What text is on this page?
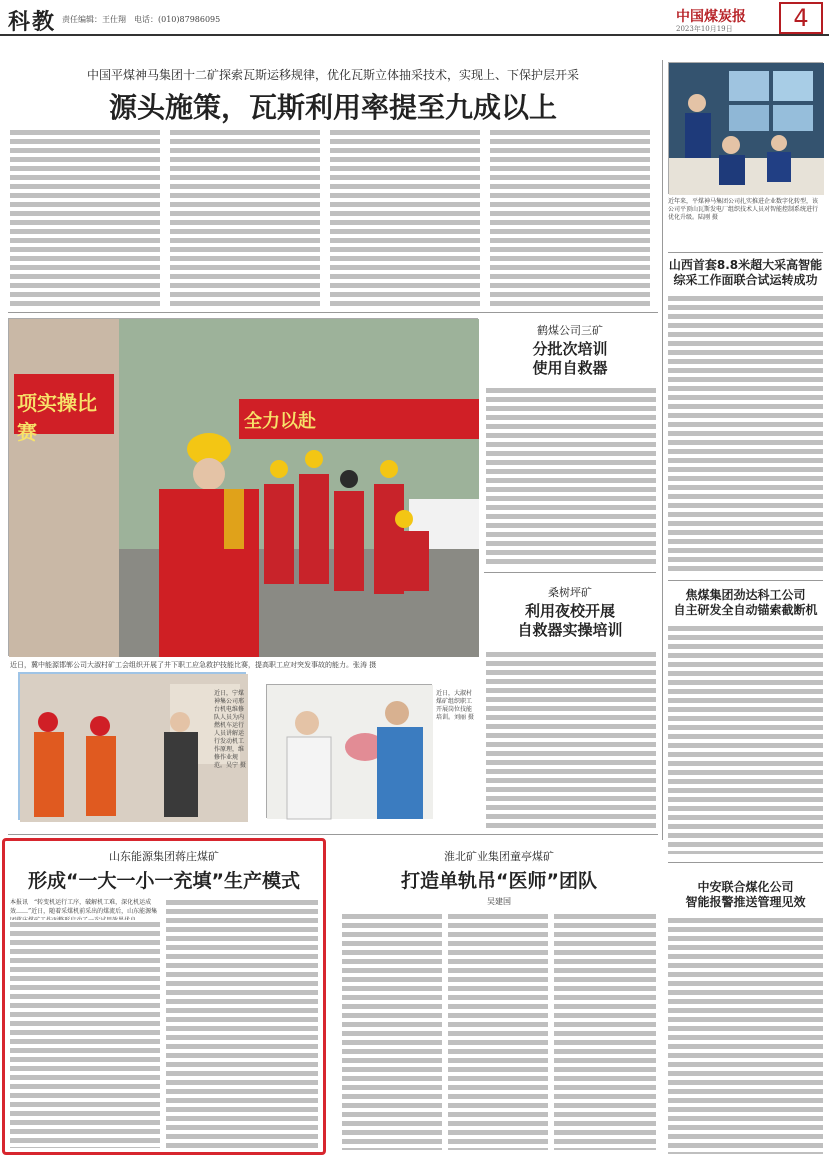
科教 责任编辑：王仕翔　电话：(010)87986095	中国煤炭报
2023年10月19日	4
中国平煤神马集团十二矿探索瓦斯运移规律，优化瓦斯立体抽采技术，实现上、下保护层开采
源头施策，瓦斯利用率提至九成以上
近年来，平煤神马集团公司扎实推进企业数字化转型，该公司平顶山瓦斯发电厂组织技术人员对智能控制系统进行优化升级。陆刚 摄
山西首套8.8米超大采高智能
综采工作面联合试运转成功
焦煤集团劲达科工公司
自主研发全自动锚索截断机
中安联合煤化公司
智能报警推送管理见效
项实操比赛	全力以赴
近日，冀中能源邯郸公司大淑村矿工会组织开展了井下职工应急救护技能比赛，提高职工应对突发事故的能力。张涛 摄
鹤煤公司三矿
分批次培训
使用自救器
桑树坪矿
利用夜校开展
自救器实操培训
近日，宁煤神集公司邢台机电维修队人员为内燃机车运行人员讲解运行发动机工作原理，维修作业规范。吴宁 摄
近日，大淑村煤矿组织职工开展岗位技能培训。刘丽 摄
山东能源集团蒋庄煤矿
形成“一大一小一充填”生产模式
本报讯　“转变机运行工序，破解机工难，深化机运成效……”近日，随着采煤机前采出的煤流后，山东能源集
淮北矿业集团童亭煤矿
打造单轨吊“医师”团队
吴建国
